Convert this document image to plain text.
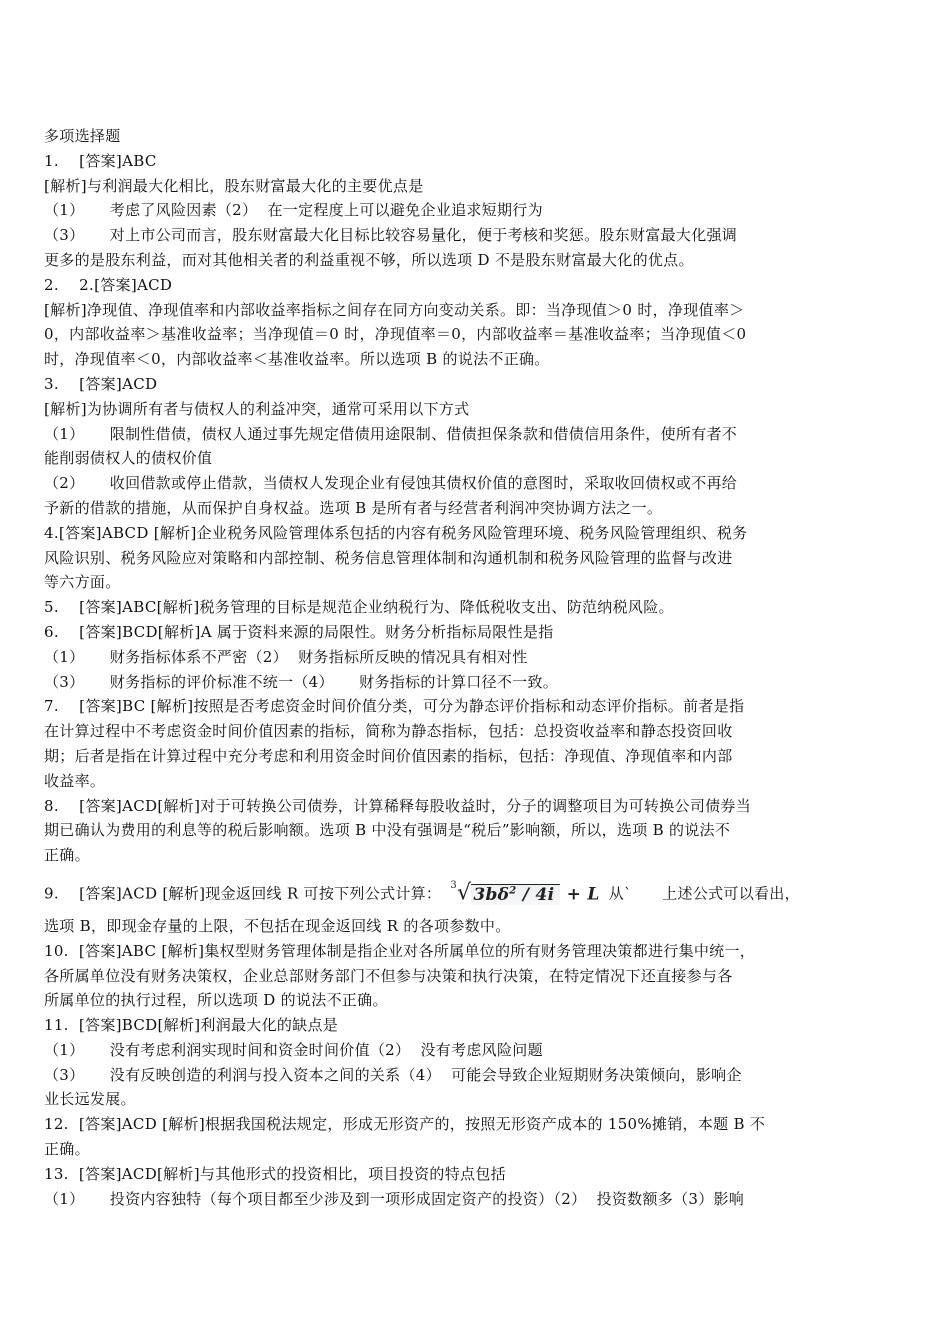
多项选择题
1.    [答案]ABC
[解析]与利润最大化相比，股东财富最大化的主要优点是
（1）     考虑了风险因素（2）  在一定程度上可以避免企业追求短期行为
（3）     对上市公司而言，股东财富最大化目标比较容易量化，便于考核和奖惩。股东财富最大化强调
更多的是股东利益，而对其他相关者的利益重视不够，所以选项 D 不是股东财富最大化的优点。
2.    2.[答案]ACD
[解析]净现值、净现值率和内部收益率指标之间存在同方向变动关系。即：当净现值＞0 时，净现值率＞
0，内部收益率＞基准收益率；当净现值＝0 时，净现值率＝0，内部收益率＝基准收益率；当净现值＜0
时，净现值率＜0，内部收益率＜基准收益率。所以选项 B 的说法不正确。
3.    [答案]ACD
[解析]为协调所有者与债权人的利益冲突，通常可采用以下方式
（1）     限制性借债，债权人通过事先规定借债用途限制、借债担保条款和借债信用条件，使所有者不
能削弱债权人的债权价值
（2）     收回借款或停止借款，当债权人发现企业有侵蚀其债权价值的意图时，采取收回债权或不再给
予新的借款的措施，从而保护自身权益。选项 B 是所有者与经营者利润冲突协调方法之一。
4.[答案]ABCD [解析]企业税务风险管理体系包括的内容有税务风险管理环境、税务风险管理组织、税务
风险识别、税务风险应对策略和内部控制、税务信息管理体制和沟通机制和税务风险管理的监督与改进
等六方面。
5.    [答案]ABC[解析]税务管理的目标是规范企业纳税行为、降低税收支出、防范纳税风险。
6.    [答案]BCD[解析]A 属于资料来源的局限性。财务分析指标局限性是指
（1）     财务指标体系不严密（2）  财务指标所反映的情况具有相对性
（3）     财务指标的评价标准不统一（4）     财务指标的计算口径不一致。
7.    [答案]BC [解析]按照是否考虑资金时间价值分类，可分为静态评价指标和动态评价指标。前者是指
在计算过程中不考虑资金时间价值因素的指标，简称为静态指标，包括：总投资收益率和静态投资回收
期；后者是指在计算过程中充分考虑和利用资金时间价值因素的指标，包括：净现值、净现值率和内部
收益率。
8.    [答案]ACD[解析]对于可转换公司债券，计算稀释每股收益时，分子的调整项目为可转换公司债券当
期已确认为费用的利息等的税后影响额。选项 B 中没有强调是“税后”影响额，所以，选项 B 的说法不
正确。
9.    [答案]ACD [解析]现金返回线 R 可按下列公式计算： $^3$√ $3b\delta^2 / 4i + L$ 从`      上述公式可以看出，
选项 B，即现金存量的上限，不包括在现金返回线 R 的各项参数中。
10.  [答案]ABC [解析]集权型财务管理体制是指企业对各所属单位的所有财务管理决策都进行集中统一，
各所属单位没有财务决策权，企业总部财务部门不但参与决策和执行决策，在特定情况下还直接参与各
所属单位的执行过程，所以选项 D 的说法不正确。
11.  [答案]BCD[解析]利润最大化的缺点是
（1）     没有考虑利润实现时间和资金时间价值（2）  没有考虑风险问题
（3）     没有反映创造的利润与投入资本之间的关系（4）  可能会导致企业短期财务决策倾向，影响企
业长远发展。
12.  [答案]ACD [解析]根据我国税法规定，形成无形资产的，按照无形资产成本的 150%摊销，本题 B 不
正确。
13.  [答案]ACD[解析]与其他形式的投资相比，项目投资的特点包括
（1）     投资内容独特（每个项目都至少涉及到一项形成固定资产的投资）（2）  投资数额多（3）影响
